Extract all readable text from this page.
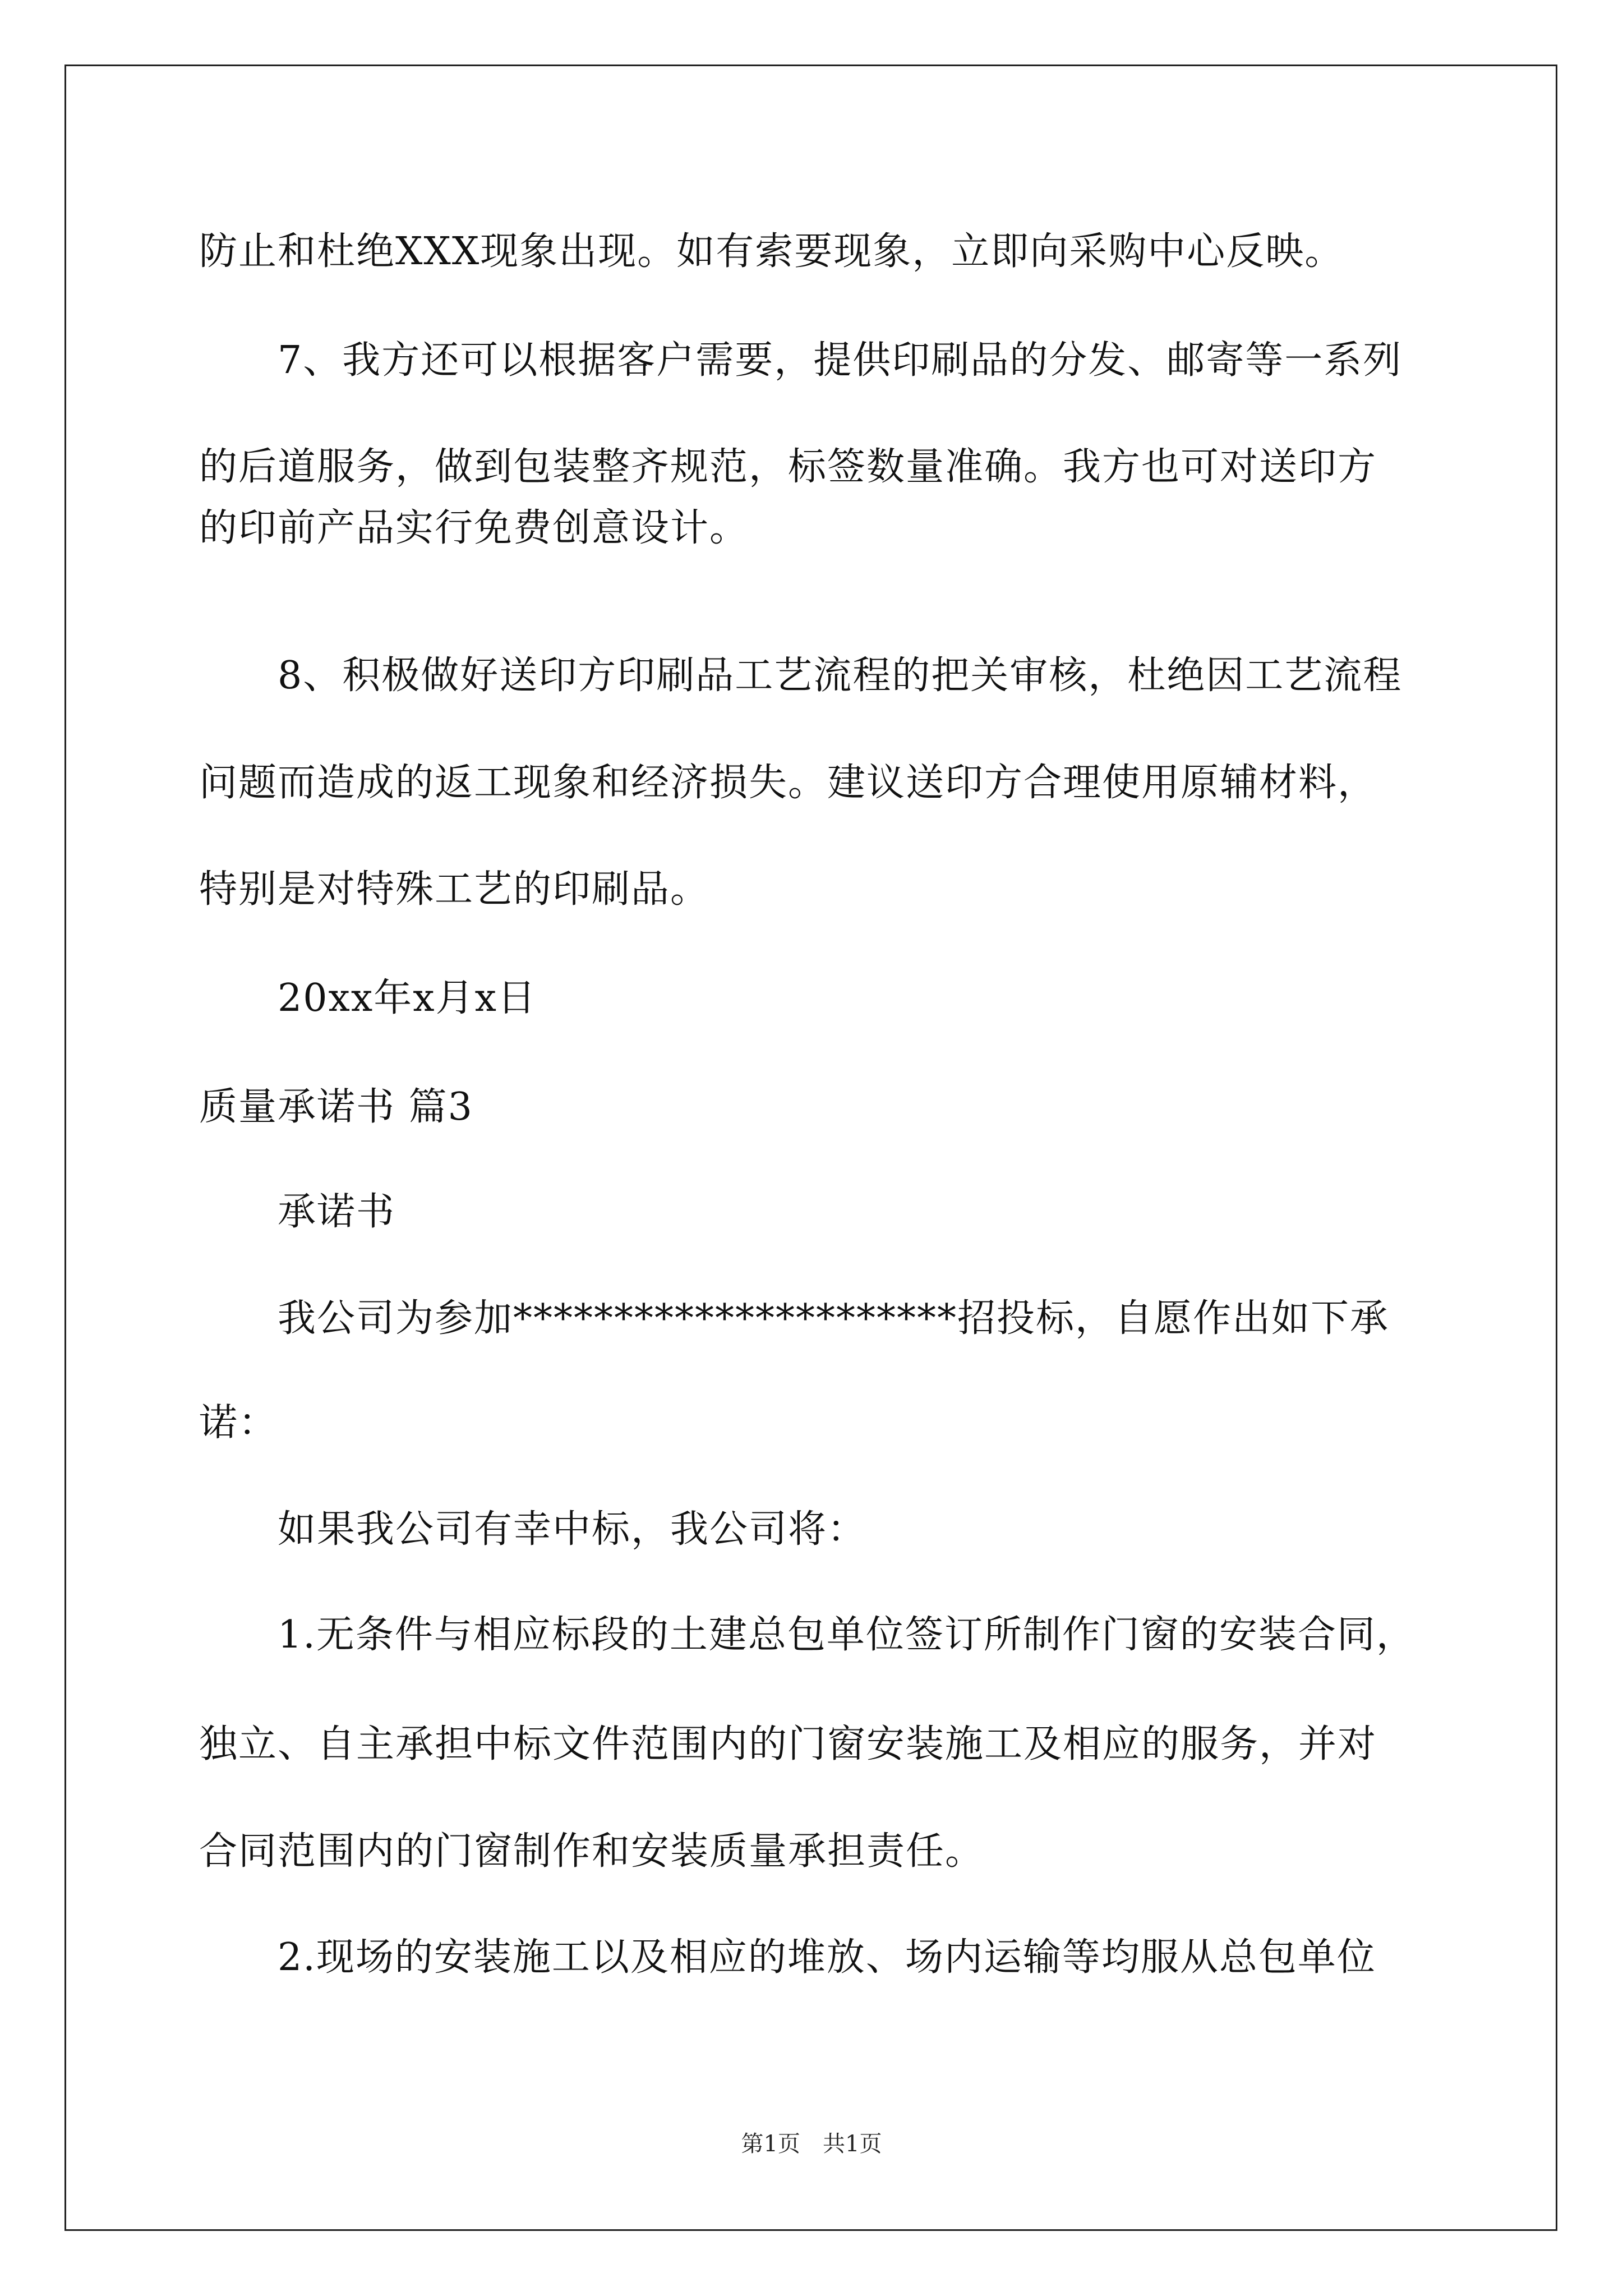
防止和杜绝XXX现象出现。如有索要现象，立即向采购中心反映。
7、我方还可以根据客户需要，提供印刷品的分发、邮寄等一系列
的后道服务，做到包装整齐规范，标签数量准确。我方也可对送印方
的印前产品实行免费创意设计。
8、积极做好送印方印刷品工艺流程的把关审核，杜绝因工艺流程
问题而造成的返工现象和经济损失。建议送印方合理使用原辅材料，
特别是对特殊工艺的印刷品。
20xx年x月x日
质量承诺书 篇3
承诺书
我公司为参加**********************招投标，自愿作出如下承
诺：
如果我公司有幸中标，我公司将：
1.无条件与相应标段的土建总包单位签订所制作门窗的安装合同，
独立、自主承担中标文件范围内的门窗安装施工及相应的服务，并对
合同范围内的门窗制作和安装质量承担责任。
2.现场的安装施工以及相应的堆放、场内运输等均服从总包单位
第1页　共1页
